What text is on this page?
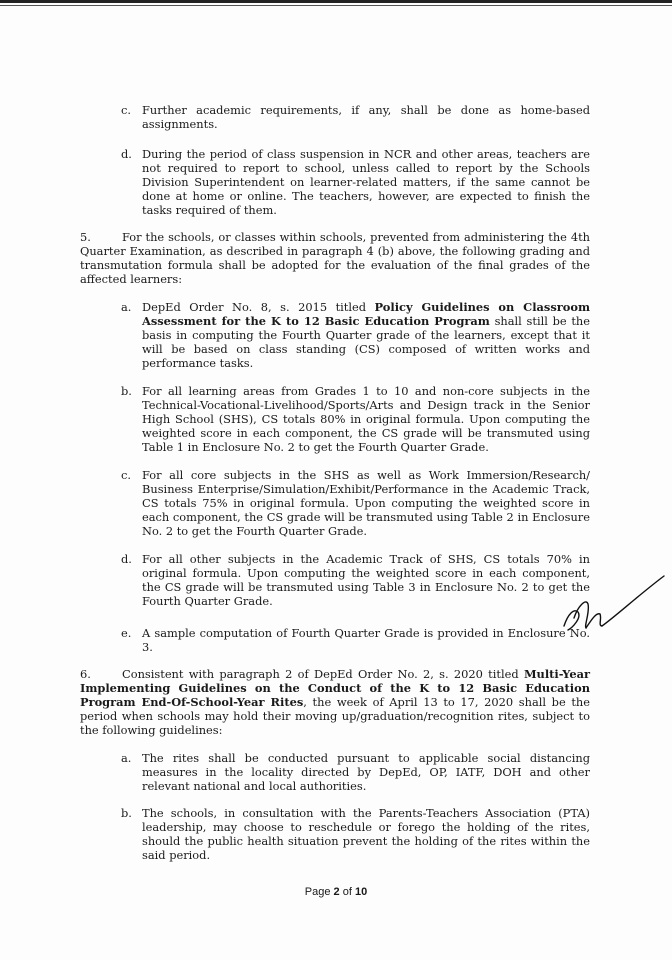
c. Further academic requirements, if any, shall be done as home-based assignments.

d. During the period of class suspension in NCR and other areas, teachers are not required to report to school, unless called to report by the Schools Division Superintendent on learner-related matters, if the same cannot be done at home or online. The teachers, however, are expected to finish the tasks required of them.

5.	For the schools, or classes within schools, prevented from administering the 4th Quarter Examination, as described in paragraph 4 (b) above, the following grading and transmutation formula shall be adopted for the evaluation of the final grades of the affected learners:

a. DepEd Order No. 8, s. 2015 titled Policy Guidelines on Classroom Assessment for the K to 12 Basic Education Program shall still be the basis in computing the Fourth Quarter grade of the learners, except that it will be based on class standing (CS) composed of written works and performance tasks.

b. For all learning areas from Grades 1 to 10 and non-core subjects in the Technical-Vocational-Livelihood/Sports/Arts and Design track in the Senior High School (SHS), CS totals 80% in original formula. Upon computing the weighted score in each component, the CS grade will be transmuted using Table 1 in Enclosure No. 2 to get the Fourth Quarter Grade.

c. For all core subjects in the SHS as well as Work Immersion/Research/ Business Enterprise/Simulation/Exhibit/Performance in the Academic Track, CS totals 75% in original formula. Upon computing the weighted score in each component, the CS grade will be transmuted using Table 2 in Enclosure No. 2 to get the Fourth Quarter Grade.

d. For all other subjects in the Academic Track of SHS, CS totals 70% in original formula. Upon computing the weighted score in each component, the CS grade will be transmuted using Table 3 in Enclosure No. 2 to get the Fourth Quarter Grade.

e. A sample computation of Fourth Quarter Grade is provided in Enclosure No. 3.

6.	Consistent with paragraph 2 of DepEd Order No. 2, s. 2020 titled Multi-Year Implementing Guidelines on the Conduct of the K to 12 Basic Education Program End-Of-School-Year Rites, the week of April 13 to 17, 2020 shall be the period when schools may hold their moving up/graduation/recognition rites, subject to the following guidelines:

a. The rites shall be conducted pursuant to applicable social distancing measures in the locality directed by DepEd, OP, IATF, DOH and other relevant national and local authorities.

b. The schools, in consultation with the Parents-Teachers Association (PTA) leadership, may choose to reschedule or forego the holding of the rites, should the public health situation prevent the holding of the rites within the said period.

Page 2 of 10
